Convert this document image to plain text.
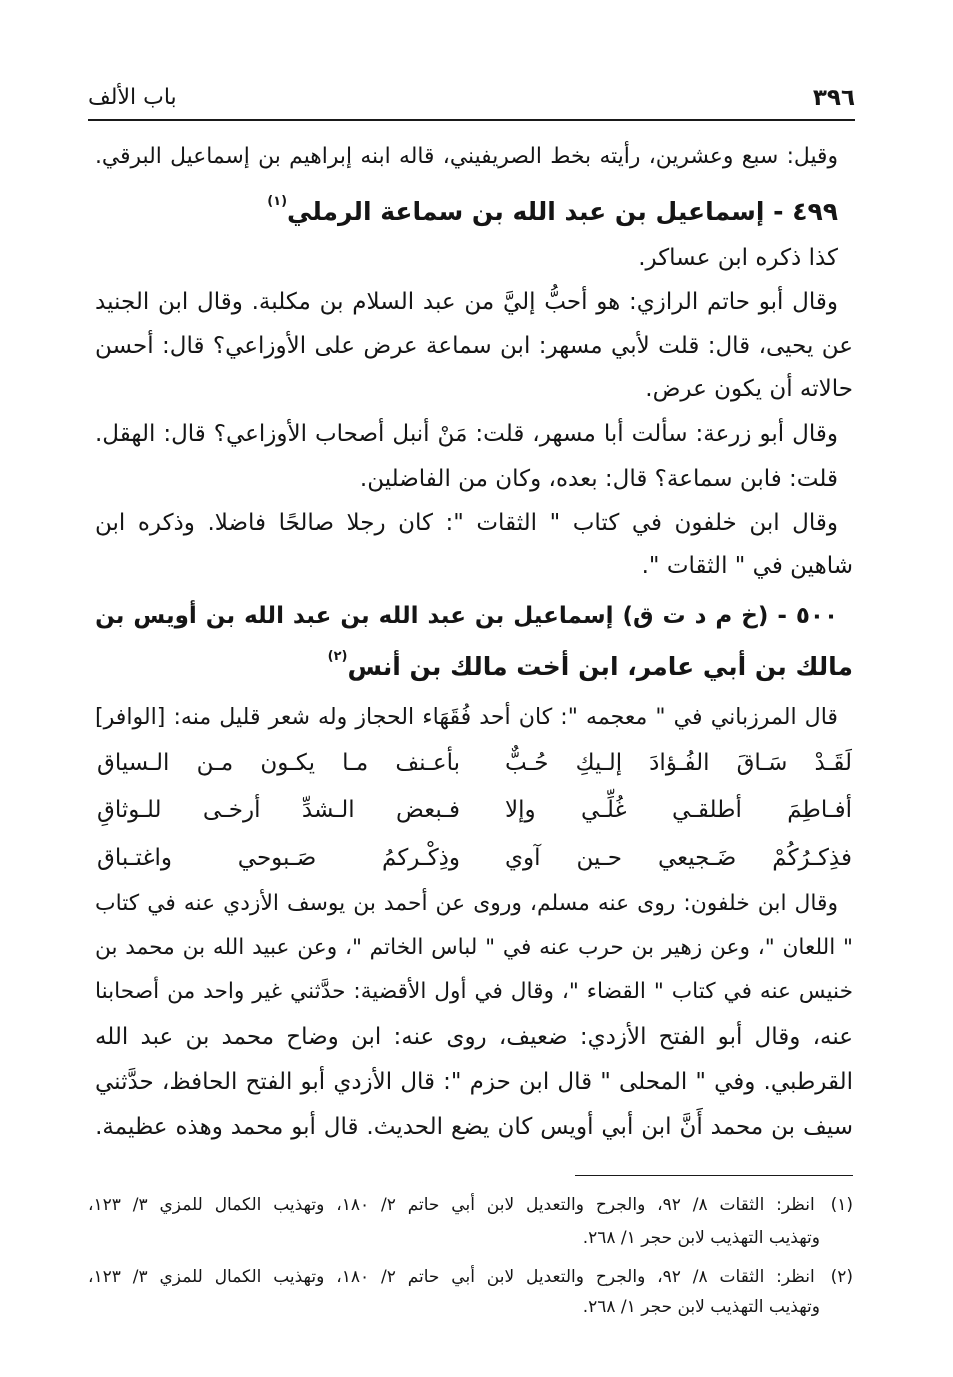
باب الألف	٣٩٦
وقيل: سبع وعشرين، رأيته بخط الصريفيني، قاله ابنه إبراهيم بن إسماعيل البرقي.
٤٩٩ - إسماعيل بن عبد الله بن سماعة الرملي$^{(١)}$
كذا ذكره ابن عساكر.
وقال أبو حاتم الرازي: هو أحبُّ إليَّ من عبد السلام بن مكلبة. وقال ابن الجنيد
عن يحيى، قال: قلت لأبي مسهر: ابن سماعة عرض على الأوزاعي؟ قال: أحسن
حالاته أن يكون عرض.
وقال أبو زرعة: سألت أبا مسهر، قلت: مَنْ أنبل أصحاب الأوزاعي؟ قال: الهقل.
قلت: فابن سماعة؟ قال: بعده، وكان من الفاضلين.
وقال ابن خلفون في كتاب " الثقات ": كان رجلا صالحًا فاضلا. وذكره ابن
شاهين في " الثقات ".
٥٠٠ - (خ م د ت ق) إسماعيل بن عبد الله بن عبد الله بن أويس بن
مالك بن أبي عامر، ابن أخت مالك بن أنس$^{(٢)}$
قال المرزباني في " معجمه ": كان أحد فُقَهَاء الحجاز وله شعر قليل منه: [الوافر]
لَقَـدْ سَـاقَ الفُـؤادَ إلـيكِ حُـبٌّ
بأعـنف مـا يكـون مـن الـسياق
أفـاطِمَ أطلقـي غُلِّـي وإلا
فـبعض الـشدِّ أرخـى للـوثاقِ
فذِكـرُكُمْ ضَـجيعي حـين آوي
وذِكْـركمُ صَـبوحي واغتـباق
وقال ابن خلفون: روى عنه مسلم، وروى عن أحمد بن يوسف الأزدي عنه في كتاب
" اللعان "، وعن زهير بن حرب عنه في " لباس الخاتم "، وعن عبيد الله بن محمد بن
خنيس عنه في كتاب " القضاء "، وقال في أول الأقضية: حدَّثني غير واحد من أصحابنا
عنه، وقال أبو الفتح الأزدي: ضعيف، روى عنه: ابن وضاح محمد بن عبد الله
القرطبي. وفي " المحلى " قال ابن حزم ": قال الأزدي أبو الفتح الحافظ، حدَّثني
سيف بن محمد أَنَّ ابن أبي أويس كان يضع الحديث. قال أبو محمد وهذه عظيمة.
(١) انظر: الثقات ٨/ ٩٢، والجرح والتعديل لابن أبي حاتم ٢/ ١٨٠، وتهذيب الكمال للمزي ٣/ ١٢٣،
وتهذيب التهذيب لابن حجر ١/ ٢٦٨.
(٢) انظر: الثقات ٨/ ٩٢، والجرح والتعديل لابن أبي حاتم ٢/ ١٨٠، وتهذيب الكمال للمزي ٣/ ١٢٣،
وتهذيب التهذيب لابن حجر ١/ ٢٦٨.
